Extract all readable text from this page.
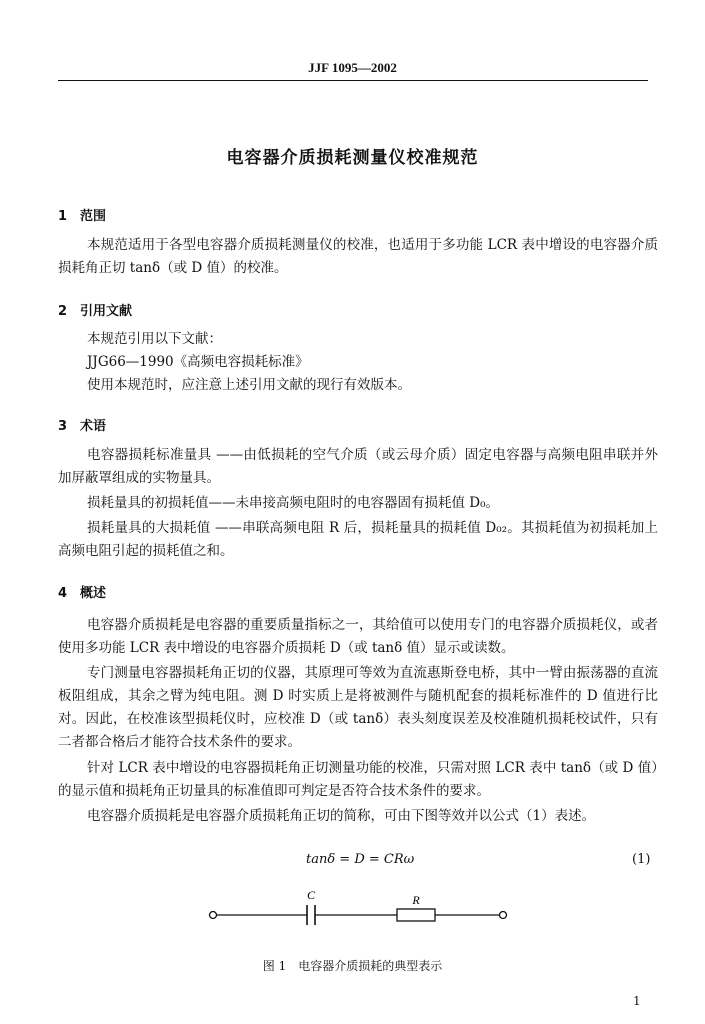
JJF 1095—2002
电容器介质损耗测量仪校准规范
1 范围
本规范适用于各型电容器介质损耗测量仪的校准，也适用于多功能 LCR 表中增设的电容器介质损耗角正切 tanδ（或 D 值）的校准。
2 引用文献
本规范引用以下文献：
JJG66—1990《高频电容损耗标准》
使用本规范时，应注意上述引用文献的现行有效版本。
3 术语
电容器损耗标准量具 ——由低损耗的空气介质（或云母介质）固定电容器与高频电阻串联并外加屏蔽罩组成的实物量具。
损耗量具的初损耗值——未串接高频电阻时的电容器固有损耗值 D₀。
损耗量具的大损耗值 ——串联高频电阻 R 后，损耗量具的损耗值 D₀₂。其损耗值为初损耗加上高频电阻引起的损耗值之和。
4 概述
电容器介质损耗是电容器的重要质量指标之一，其给值可以使用专门的电容器介质损耗仪，或者使用多功能 LCR 表中增设的电容器介质损耗 D（或 tanδ 值）显示或读数。
专门测量电容器损耗角正切的仪器，其原理可等效为直流惠斯登电桥，其中一臂由振荡器的直流板阻组成，其余之臂为纯电阻。测 D 时实质上是将被测件与随机配套的损耗标准件的 D 值进行比对。因此，在校准该型损耗仪时，应校准 D（或 tanδ）表头刻度误差及校准随机损耗校试件，只有二者都合格后才能符合技术条件的要求。
针对 LCR 表中增设的电容器损耗角正切测量功能的校准，只需对照 LCR 表中 tanδ（或 D 值）的显示值和损耗角正切量具的标准值即可判定是否符合技术条件的要求。
电容器介质损耗是电容器介质损耗角正切的简称，可由下图等效并以公式（1）表述。
tanδ = D = CRω	(1)
C	R
图 1　电容器介质损耗的典型表示
1
